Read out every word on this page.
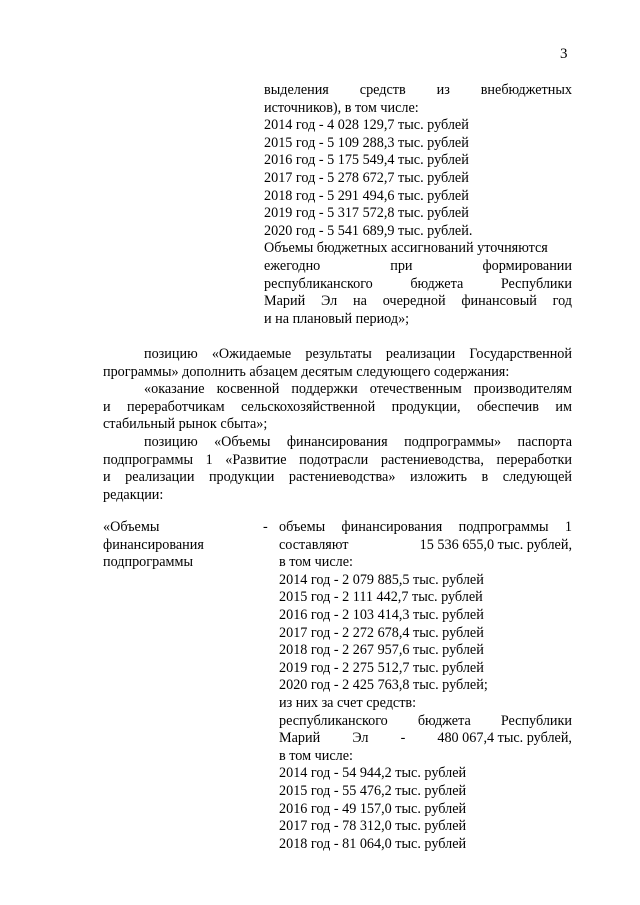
3
выделения средств из внебюджетных
источников), в том числе:
2014 год - 4 028 129,7 тыс. рублей
2015 год - 5 109 288,3 тыс. рублей
2016 год - 5 175 549,4 тыс. рублей
2017 год - 5 278 672,7 тыс. рублей
2018 год - 5 291 494,6 тыс. рублей
2019 год - 5 317 572,8 тыс. рублей
2020 год - 5 541 689,9 тыс. рублей.
Объемы бюджетных ассигнований уточняются
ежегодно	при	формировании
республиканского	бюджета	Республики
Марий Эл на очередной финансовый год
и на плановый период»;
позицию «Ожидаемые результаты реализации Государственной
программы» дополнить абзацем десятым следующего содержания:
«оказание косвенной поддержки отечественным производителям
и переработчикам сельскохозяйственной продукции, обеспечив им
стабильный рынок сбыта»;
позицию «Объемы финансирования подпрограммы» паспорта
подпрограммы 1 «Развитие подотрасли растениеводства, переработки
и реализации продукции растениеводства» изложить в следующей
редакции:
«Объемы	- объемы финансирования подпрограммы 1
финансирования	составляют	15 536 655,0 тыс. рублей,
подпрограммы	в том числе:
2014 год - 2 079 885,5 тыс. рублей
2015 год - 2 111 442,7 тыс. рублей
2016 год - 2 103 414,3 тыс. рублей
2017 год - 2 272 678,4 тыс. рублей
2018 год - 2 267 957,6 тыс. рублей
2019 год - 2 275 512,7 тыс. рублей
2020 год - 2 425 763,8 тыс. рублей;
из них за счет средств:
республиканского бюджета Республики
Марий Эл - 480 067,4 тыс. рублей,
в том числе:
2014 год - 54 944,2 тыс. рублей
2015 год - 55 476,2 тыс. рублей
2016 год - 49 157,0 тыс. рублей
2017 год - 78 312,0 тыс. рублей
2018 год - 81 064,0 тыс. рублей
